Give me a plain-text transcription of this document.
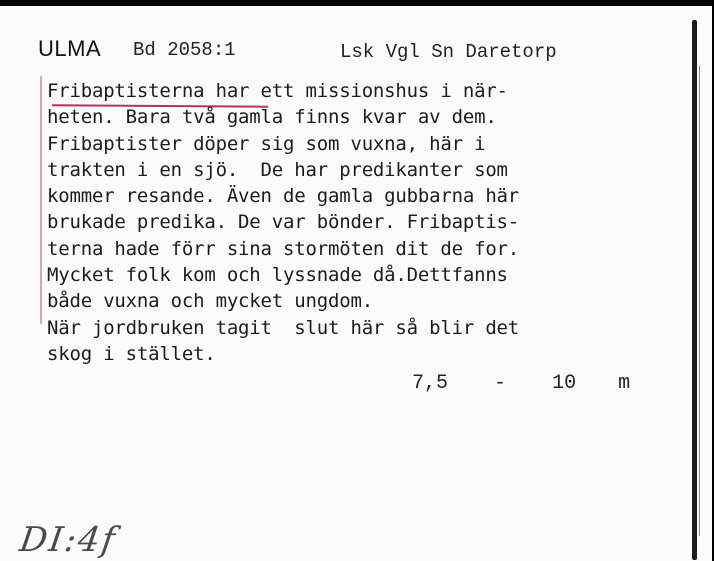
ULMA Bd 2058:1	Lsk Vgl Sn Daretorp
Fribaptisterna har ett missionshus i när-
heten. Bara två gamla finns kvar av dem.
Fribaptister döper sig som vuxna, här i
trakten i en sjö.  De har predikanter som
kommer resande. Även de gamla gubbarna här
brukade predika. De var bönder. Fribaptis-
terna hade förr sina stormöten dit de for.
Mycket folk kom och lyssnade då.Dettfanns
både vuxna och mycket ungdom.
När jordbruken tagit  slut här så blir det
skog i stället.
7,5 - 10 m
DI:4f
